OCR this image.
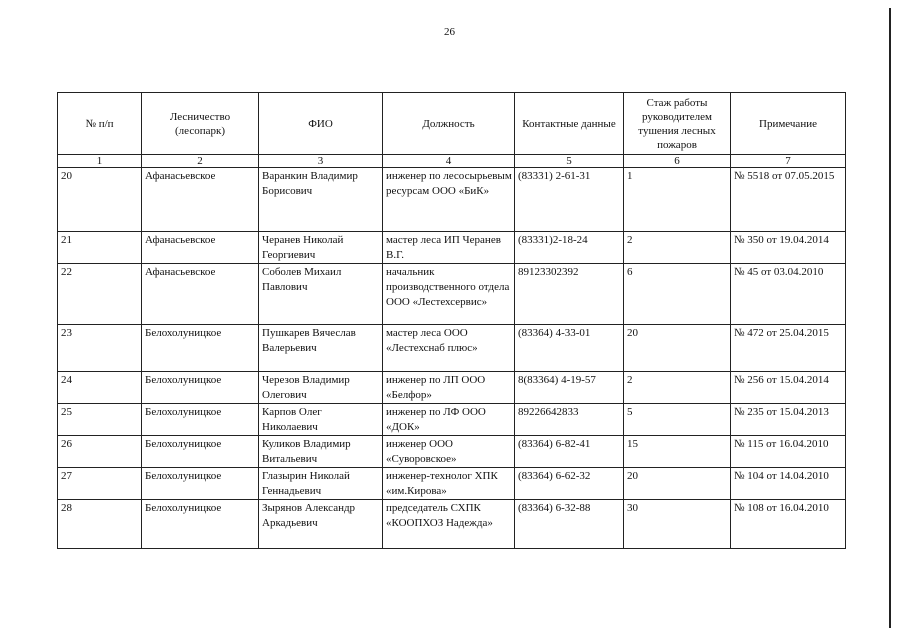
26
№ п/п	Лесничество (лесопарк)	ФИО	Должность	Контактные данные	Стаж работы руководителем тушения лесных пожаров	Примечание
1	2	3	4	5	6	7
20	Афанасьевское	Варанкин Владимир Борисович	инженер по лесосырьевым ресурсам ООО «БиК»	(83331) 2-61-31	1	№ 5518 от 07.05.2015
21	Афанасьевское	Черанев Николай Георгиевич	мастер леса ИП Черанев В.Г.	(83331)2-18-24	2	№ 350 от 19.04.2014
22	Афанасьевское	Соболев Михаил Павлович	начальник производственного отдела ООО «Лестехсервис»	89123302392	6	№ 45 от 03.04.2010
23	Белохолуницкое	Пушкарев Вячеслав Валерьевич	мастер леса ООО «Лестехснаб плюс»	(83364) 4-33-01	20	№ 472 от 25.04.2015
24	Белохолуницкое	Черезов Владимир Олегович	инженер по ЛП ООО «Белфор»	8(83364) 4-19-57	2	№ 256 от 15.04.2014
25	Белохолуницкое	Карпов Олег Николаевич	инженер по ЛФ ООО «ДОК»	89226642833	5	№ 235 от 15.04.2013
26	Белохолуницкое	Куликов Владимир Витальевич	инженер ООО «Суворовское»	(83364) 6-82-41	15	№ 115 от 16.04.2010
27	Белохолуницкое	Глазырин Николай Геннадьевич	инженер-технолог ХПК «им.Кирова»	(83364) 6-62-32	20	№ 104 от 14.04.2010
28	Белохолуницкое	Зырянов Александр Аркадьевич	председатель СХПК «КООПХОЗ Надежда»	(83364) 6-32-88	30	№ 108 от 16.04.2010
